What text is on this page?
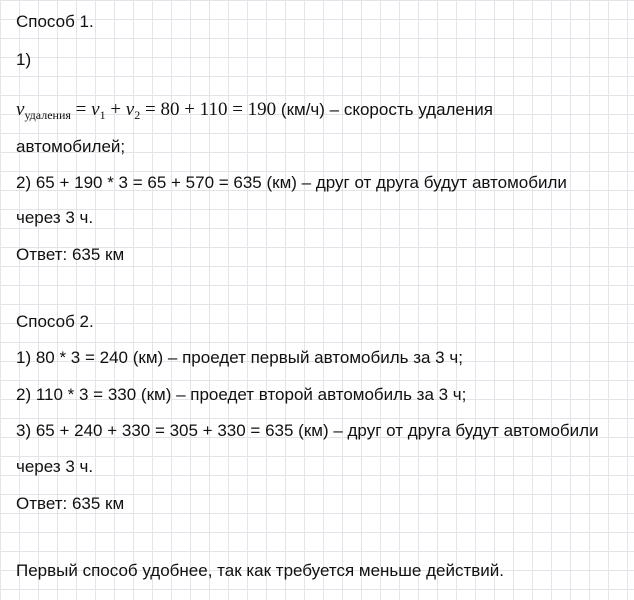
Способ 1.
1)
$v_{удаления} = v_1 + v_2 = 80 + 110 = 190$ (км/ч) – скорость удаления
автомобилей;
2) 65 + 190 * 3 = 65 + 570 = 635 (км) – друг от друга будут автомобили
через 3 ч.
Ответ: 635 км
Способ 2.
1) 80 * 3 = 240 (км) – проедет первый автомобиль за 3 ч;
2) 110 * 3 = 330 (км) – проедет второй автомобиль за 3 ч;
3) 65 + 240 + 330 = 305 + 330 = 635 (км) – друг от друга будут автомобили
через 3 ч.
Ответ: 635 км
Первый способ удобнее, так как требуется меньше действий.
